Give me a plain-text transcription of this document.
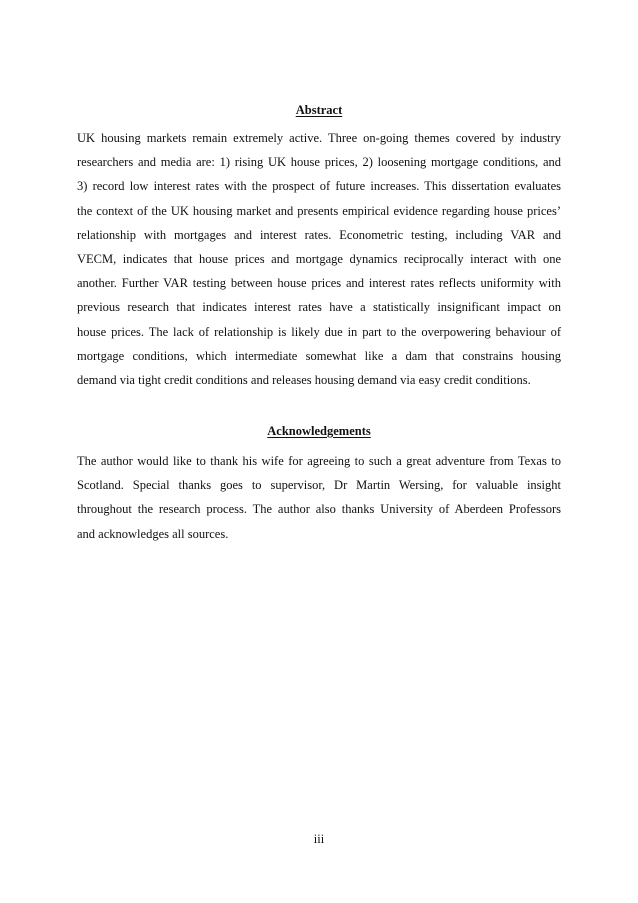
Abstract
UK housing markets remain extremely active. Three on-going themes covered by industry
researchers and media are: 1) rising UK house prices, 2) loosening mortgage conditions, and
3) record low interest rates with the prospect of future increases. This dissertation evaluates
the context of the UK housing market and presents empirical evidence regarding house prices’
relationship with mortgages and interest rates. Econometric testing, including VAR and
VECM, indicates that house prices and mortgage dynamics reciprocally interact with one
another. Further VAR testing between house prices and interest rates reflects uniformity with
previous research that indicates interest rates have a statistically insignificant impact on
house prices. The lack of relationship is likely due in part to the overpowering behaviour of
mortgage conditions, which intermediate somewhat like a dam that constrains housing
demand via tight credit conditions and releases housing demand via easy credit conditions.
Acknowledgements
The author would like to thank his wife for agreeing to such a great adventure from Texas to
Scotland. Special thanks goes to supervisor, Dr Martin Wersing, for valuable insight
throughout the research process. The author also thanks University of Aberdeen Professors
and acknowledges all sources.

iii
